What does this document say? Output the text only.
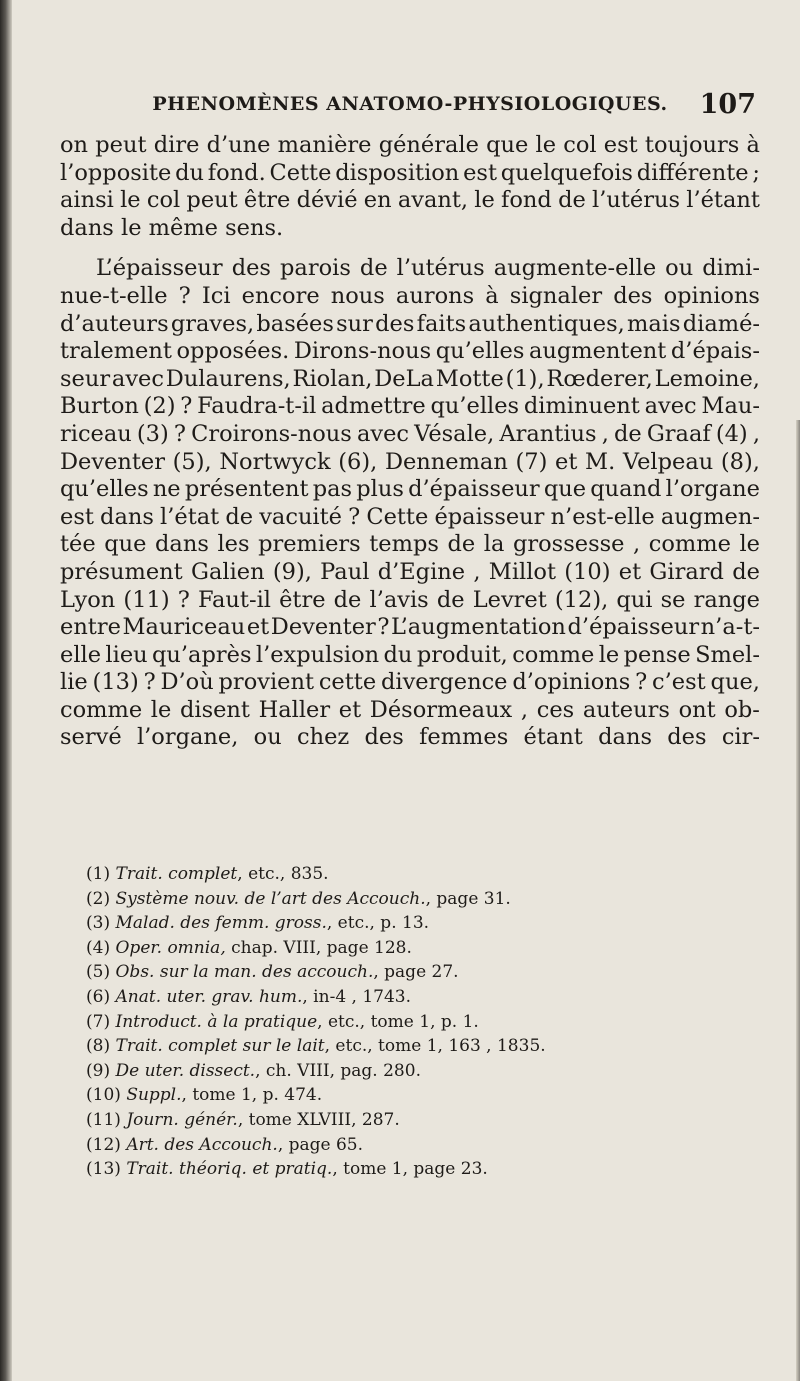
PHENOMÈNES ANATOMO-PHYSIOLOGIQUES.	107
on peut dire d’une manière générale que le col est toujours à
l’opposite du fond. Cette disposition est quelquefois différente ;
ainsi le col peut être dévié en avant, le fond de l’utérus l’étant
dans le même sens.
L’épaisseur des parois de l’utérus augmente-elle ou dimi-
nue-t-elle ? Ici encore nous aurons à signaler des opinions
d’auteurs graves, basées sur des faits authentiques, mais diamé-
tralement opposées. Dirons-nous qu’elles augmentent d’épais-
seur avec Dulaurens, Riolan, DeLa Motte (1), Rœderer, Lemoine,
Burton (2) ? Faudra-t-il admettre qu’elles diminuent avec Mau-
riceau (3) ? Croirons-nous avec Vésale, Arantius , de Graaf (4) ,
Deventer (5), Nortwyck (6), Denneman (7) et M. Velpeau (8),
qu’elles ne présentent pas plus d’épaisseur que quand l’organe
est dans l’état de vacuité ? Cette épaisseur n’est-elle augmen-
tée que dans les premiers temps de la grossesse , comme le
présument Galien (9), Paul d’Egine , Millot (10) et Girard de
Lyon (11) ? Faut-il être de l’avis de Levret (12), qui se range
entre Mauriceau et Deventer ? L’augmentation d’épaisseur n’a-t-
elle lieu qu’après l’expulsion du produit, comme le pense Smel-
lie (13) ? D’où provient cette divergence d’opinions ? c’est que,
comme le disent Haller et Désormeaux , ces auteurs ont ob-
servé l’organe, ou chez des femmes étant dans des cir-
(1) Trait. complet, etc., 835.
(2) Système nouv. de l’art des Accouch., page 31.
(3) Malad. des femm. gross., etc., p. 13.
(4) Oper. omnia, chap. VIII, page 128.
(5) Obs. sur la man. des accouch., page 27.
(6) Anat. uter. grav. hum., in-4 , 1743.
(7) Introduct. à la pratique, etc., tome 1, p. 1.
(8) Trait. complet sur le lait, etc., tome 1, 163 , 1835.
(9) De uter. dissect., ch. VIII, pag. 280.
(10) Suppl., tome 1, p. 474.
(11) Journ. génér., tome XLVIII, 287.
(12) Art. des Accouch., page 65.
(13) Trait. théoriq. et pratiq., tome 1, page 23.
